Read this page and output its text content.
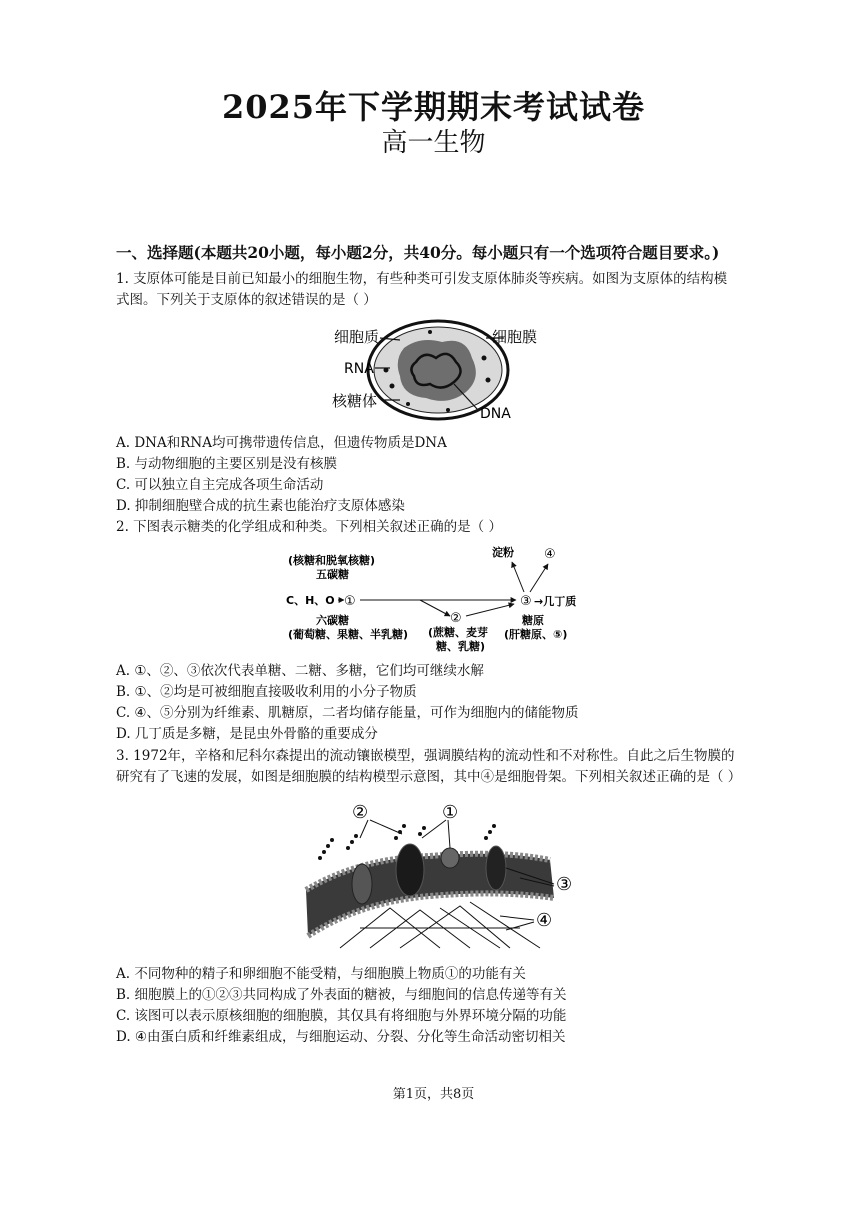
2025年下学期期末考试试卷
高一生物
一、选择题(本题共20小题，每小题2分，共40分。每小题只有一个选项符合题目要求。)
1. 支原体可能是目前已知最小的细胞生物，有些种类可引发支原体肺炎等疾病。如图为支原体的结构模
式图。下列关于支原体的叙述错误的是（ ）
细胞质	细胞膜
RNA
核糖体
DNA
A. DNA和RNA均可携带遗传信息，但遗传物质是DNA
B. 与动物细胞的主要区别是没有核膜
C. 可以独立自主完成各项生命活动
D. 抑制细胞壁合成的抗生素也能治疗支原体感染
2. 下图表示糖类的化学组成和种类。下列相关叙述正确的是（ ）
(核糖和脱氧核糖)
五碳糖
C、H、O ①
②
③ →几丁质
淀粉 ④
六碳糖
(葡萄糖、果糖、半乳糖) (蔗糖、麦芽
糖、乳糖)
糖原
(肝糖原、⑤)
A. ①、②、③依次代表单糖、二糖、多糖，它们均可继续水解
B. ①、②均是可被细胞直接吸收利用的小分子物质
C. ④、⑤分别为纤维素、肌糖原，二者均储存能量，可作为细胞内的储能物质
D. 几丁质是多糖，是昆虫外骨骼的重要成分
3. 1972年，辛格和尼科尔森提出的流动镶嵌模型，强调膜结构的流动性和不对称性。自此之后生物膜的
研究有了飞速的发展，如图是细胞膜的结构模型示意图，其中④是细胞骨架。下列相关叙述正确的是（ ）
②	①
③
④
A. 不同物种的精子和卵细胞不能受精，与细胞膜上物质①的功能有关
B. 细胞膜上的①②③共同构成了外表面的糖被，与细胞间的信息传递等有关
C. 该图可以表示原核细胞的细胞膜，其仅具有将细胞与外界环境分隔的功能
D. ④由蛋白质和纤维素组成，与细胞运动、分裂、分化等生命活动密切相关
第1页，共8页
